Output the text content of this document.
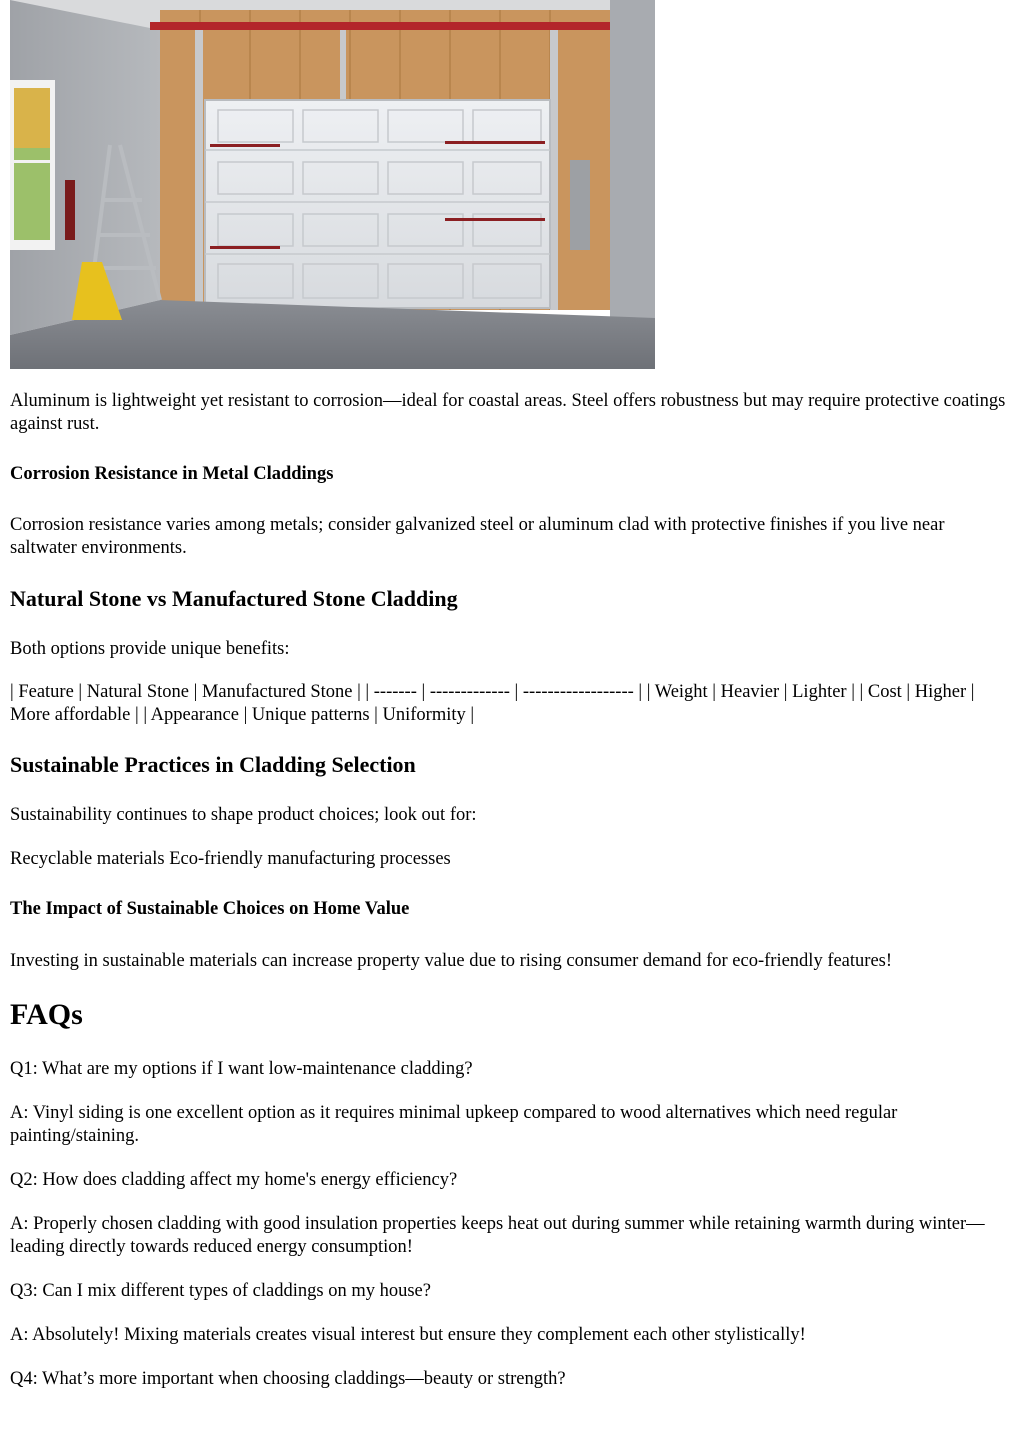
Aluminum is lightweight yet resistant to corrosion—ideal for coastal areas. Steel offers robustness but may require protective coatings against rust.

Corrosion Resistance in Metal Claddings

Corrosion resistance varies among metals; consider galvanized steel or aluminum clad with protective finishes if you live near saltwater environments.

Natural Stone vs Manufactured Stone Cladding

Both options provide unique benefits:

| Feature | Natural Stone | Manufactured Stone | | ------- | ------------- | ------------------ | | Weight | Heavier | Lighter | | Cost | Higher | More affordable | | Appearance | Unique patterns | Uniformity |

Sustainable Practices in Cladding Selection

Sustainability continues to shape product choices; look out for:

Recyclable materials Eco-friendly manufacturing processes

The Impact of Sustainable Choices on Home Value

Investing in sustainable materials can increase property value due to rising consumer demand for eco-friendly features!

FAQs

Q1: What are my options if I want low-maintenance cladding?

A: Vinyl siding is one excellent option as it requires minimal upkeep compared to wood alternatives which need regular painting/staining.

Q2: How does cladding affect my home's energy efficiency?

A: Properly chosen cladding with good insulation properties keeps heat out during summer while retaining warmth during winter—leading directly towards reduced energy consumption!

Q3: Can I mix different types of claddings on my house?

A: Absolutely! Mixing materials creates visual interest but ensure they complement each other stylistically!

Q4: What’s more important when choosing claddings—beauty or strength?
